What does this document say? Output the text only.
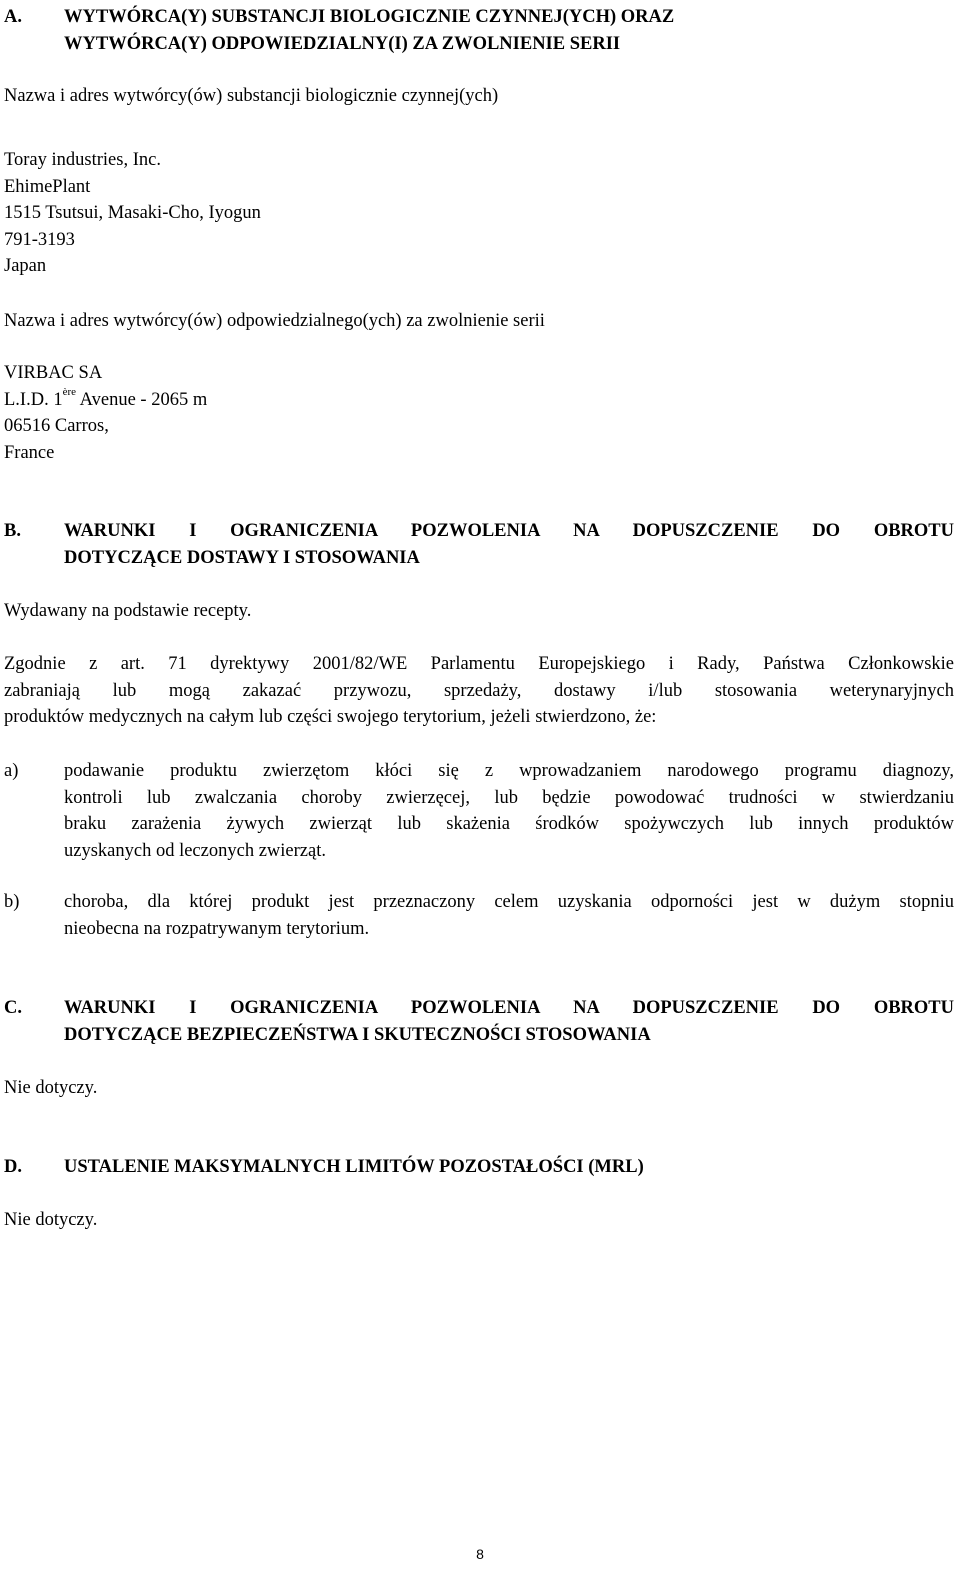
A.	WYTWÓRCA(Y) SUBSTANCJI BIOLOGICZNIE CZYNNEJ(YCH) ORAZ
WYTWÓRCA(Y) ODPOWIEDZIALNY(I) ZA ZWOLNIENIE SERII
Nazwa i adres wytwórcy(ów) substancji biologicznie czynnej(ych)
Toray industries, Inc.
EhimePlant
1515 Tsutsui, Masaki-Cho, Iyogun
791-3193
Japan
Nazwa i adres wytwórcy(ów) odpowiedzialnego(ych) za zwolnienie serii
VIRBAC SA
L.I.D. 1ère Avenue - 2065 m
06516 Carros,
France
B.	WARUNKI I OGRANICZENIA POZWOLENIA NA DOPUSZCZENIE DO OBROTU
DOTYCZĄCE DOSTAWY I STOSOWANIA
Wydawany na podstawie recepty.
Zgodnie z art. 71 dyrektywy 2001/82/WE Parlamentu Europejskiego i Rady, Państwa Członkowskie
zabraniają lub mogą zakazać przywozu, sprzedaży, dostawy i/lub stosowania weterynaryjnych
produktów medycznych na całym lub części swojego terytorium, jeżeli stwierdzono, że:
a)	podawanie produktu zwierzętom kłóci się z wprowadzaniem narodowego programu diagnozy,
kontroli lub zwalczania choroby zwierzęcej, lub będzie powodować trudności w stwierdzaniu
braku zarażenia żywych zwierząt lub skażenia środków spożywczych lub innych produktów
uzyskanych od leczonych zwierząt.
b)	choroba, dla której produkt jest przeznaczony celem uzyskania odporności jest w dużym stopniu
nieobecna na rozpatrywanym terytorium.
C.	WARUNKI I OGRANICZENIA POZWOLENIA NA DOPUSZCZENIE DO OBROTU
DOTYCZĄCE BEZPIECZEŃSTWA I SKUTECZNOŚCI STOSOWANIA
Nie dotyczy.
D.	USTALENIE MAKSYMALNYCH LIMITÓW POZOSTAŁOŚCI (MRL)
Nie dotyczy.
8
